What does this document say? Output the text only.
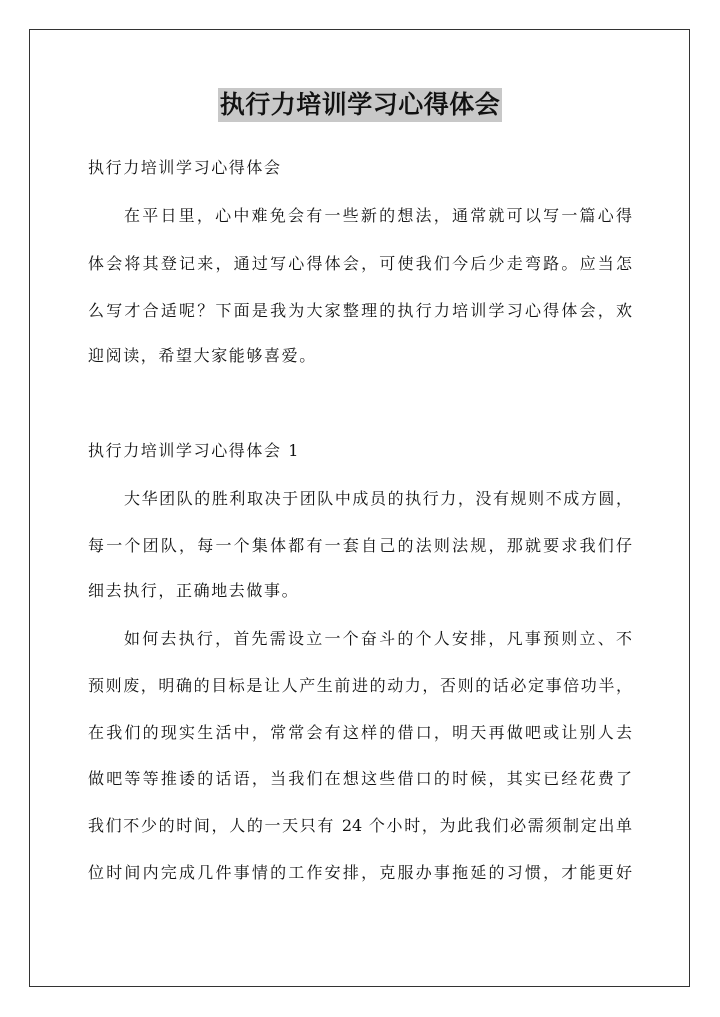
执行力培训学习心得体会
执行力培训学习心得体会
在平日里，心中难免会有一些新的想法，通常就可以写一篇心得
体会将其登记来，通过写心得体会，可使我们今后少走弯路。应当怎
么写才合适呢？下面是我为大家整理的执行力培训学习心得体会，欢
迎阅读，希望大家能够喜爱。
执行力培训学习心得体会 1
大华团队的胜利取决于团队中成员的执行力，没有规则不成方圆，
每一个团队，每一个集体都有一套自己的法则法规，那就要求我们仔
细去执行，正确地去做事。
如何去执行，首先需设立一个奋斗的个人安排，凡事预则立、不
预则废，明确的目标是让人产生前进的动力，否则的话必定事倍功半，
在我们的现实生活中，常常会有这样的借口，明天再做吧或让别人去
做吧等等推诿的话语，当我们在想这些借口的时候，其实已经花费了
我们不少的时间，人的一天只有 24 个小时，为此我们必需须制定出单
位时间内完成几件事情的工作安排，克服办事拖延的习惯，才能更好
